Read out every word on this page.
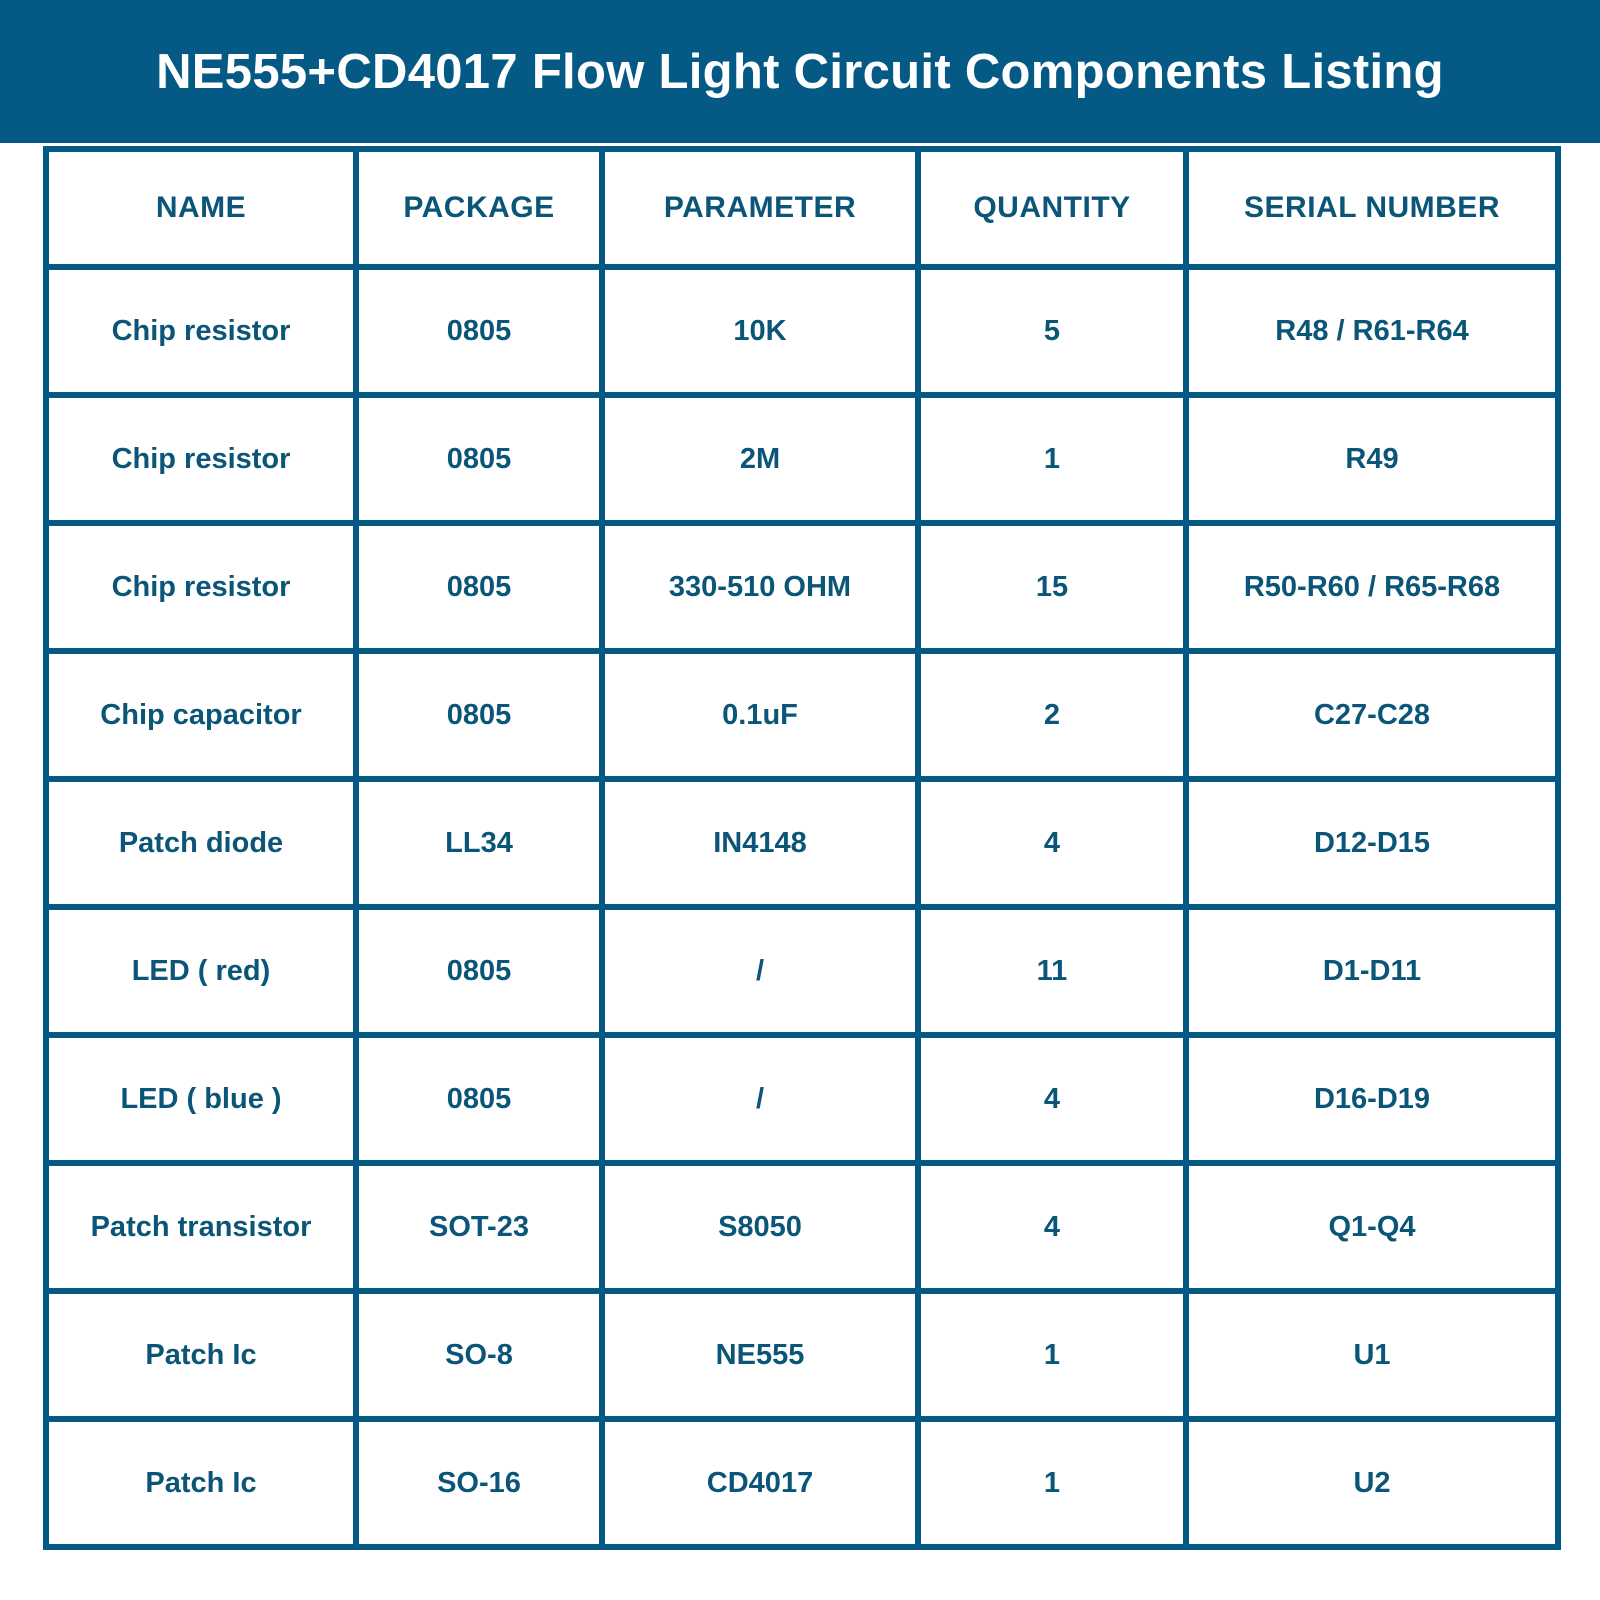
NE555+CD4017 Flow Light Circuit Components Listing
NAME	PACKAGE	PARAMETER	QUANTITY	SERIAL NUMBER
Chip resistor	0805	10K	5	R48 / R61-R64
Chip resistor	0805	2M	1	R49
Chip resistor	0805	330-510 OHM	15	R50-R60 / R65-R68
Chip capacitor	0805	0.1uF	2	C27-C28
Patch diode	LL34	IN4148	4	D12-D15
LED ( red)	0805	/	11	D1-D11
LED ( blue )	0805	/	4	D16-D19
Patch transistor	SOT-23	S8050	4	Q1-Q4
Patch Ic	SO-8	NE555	1	U1
Patch Ic	SO-16	CD4017	1	U2
